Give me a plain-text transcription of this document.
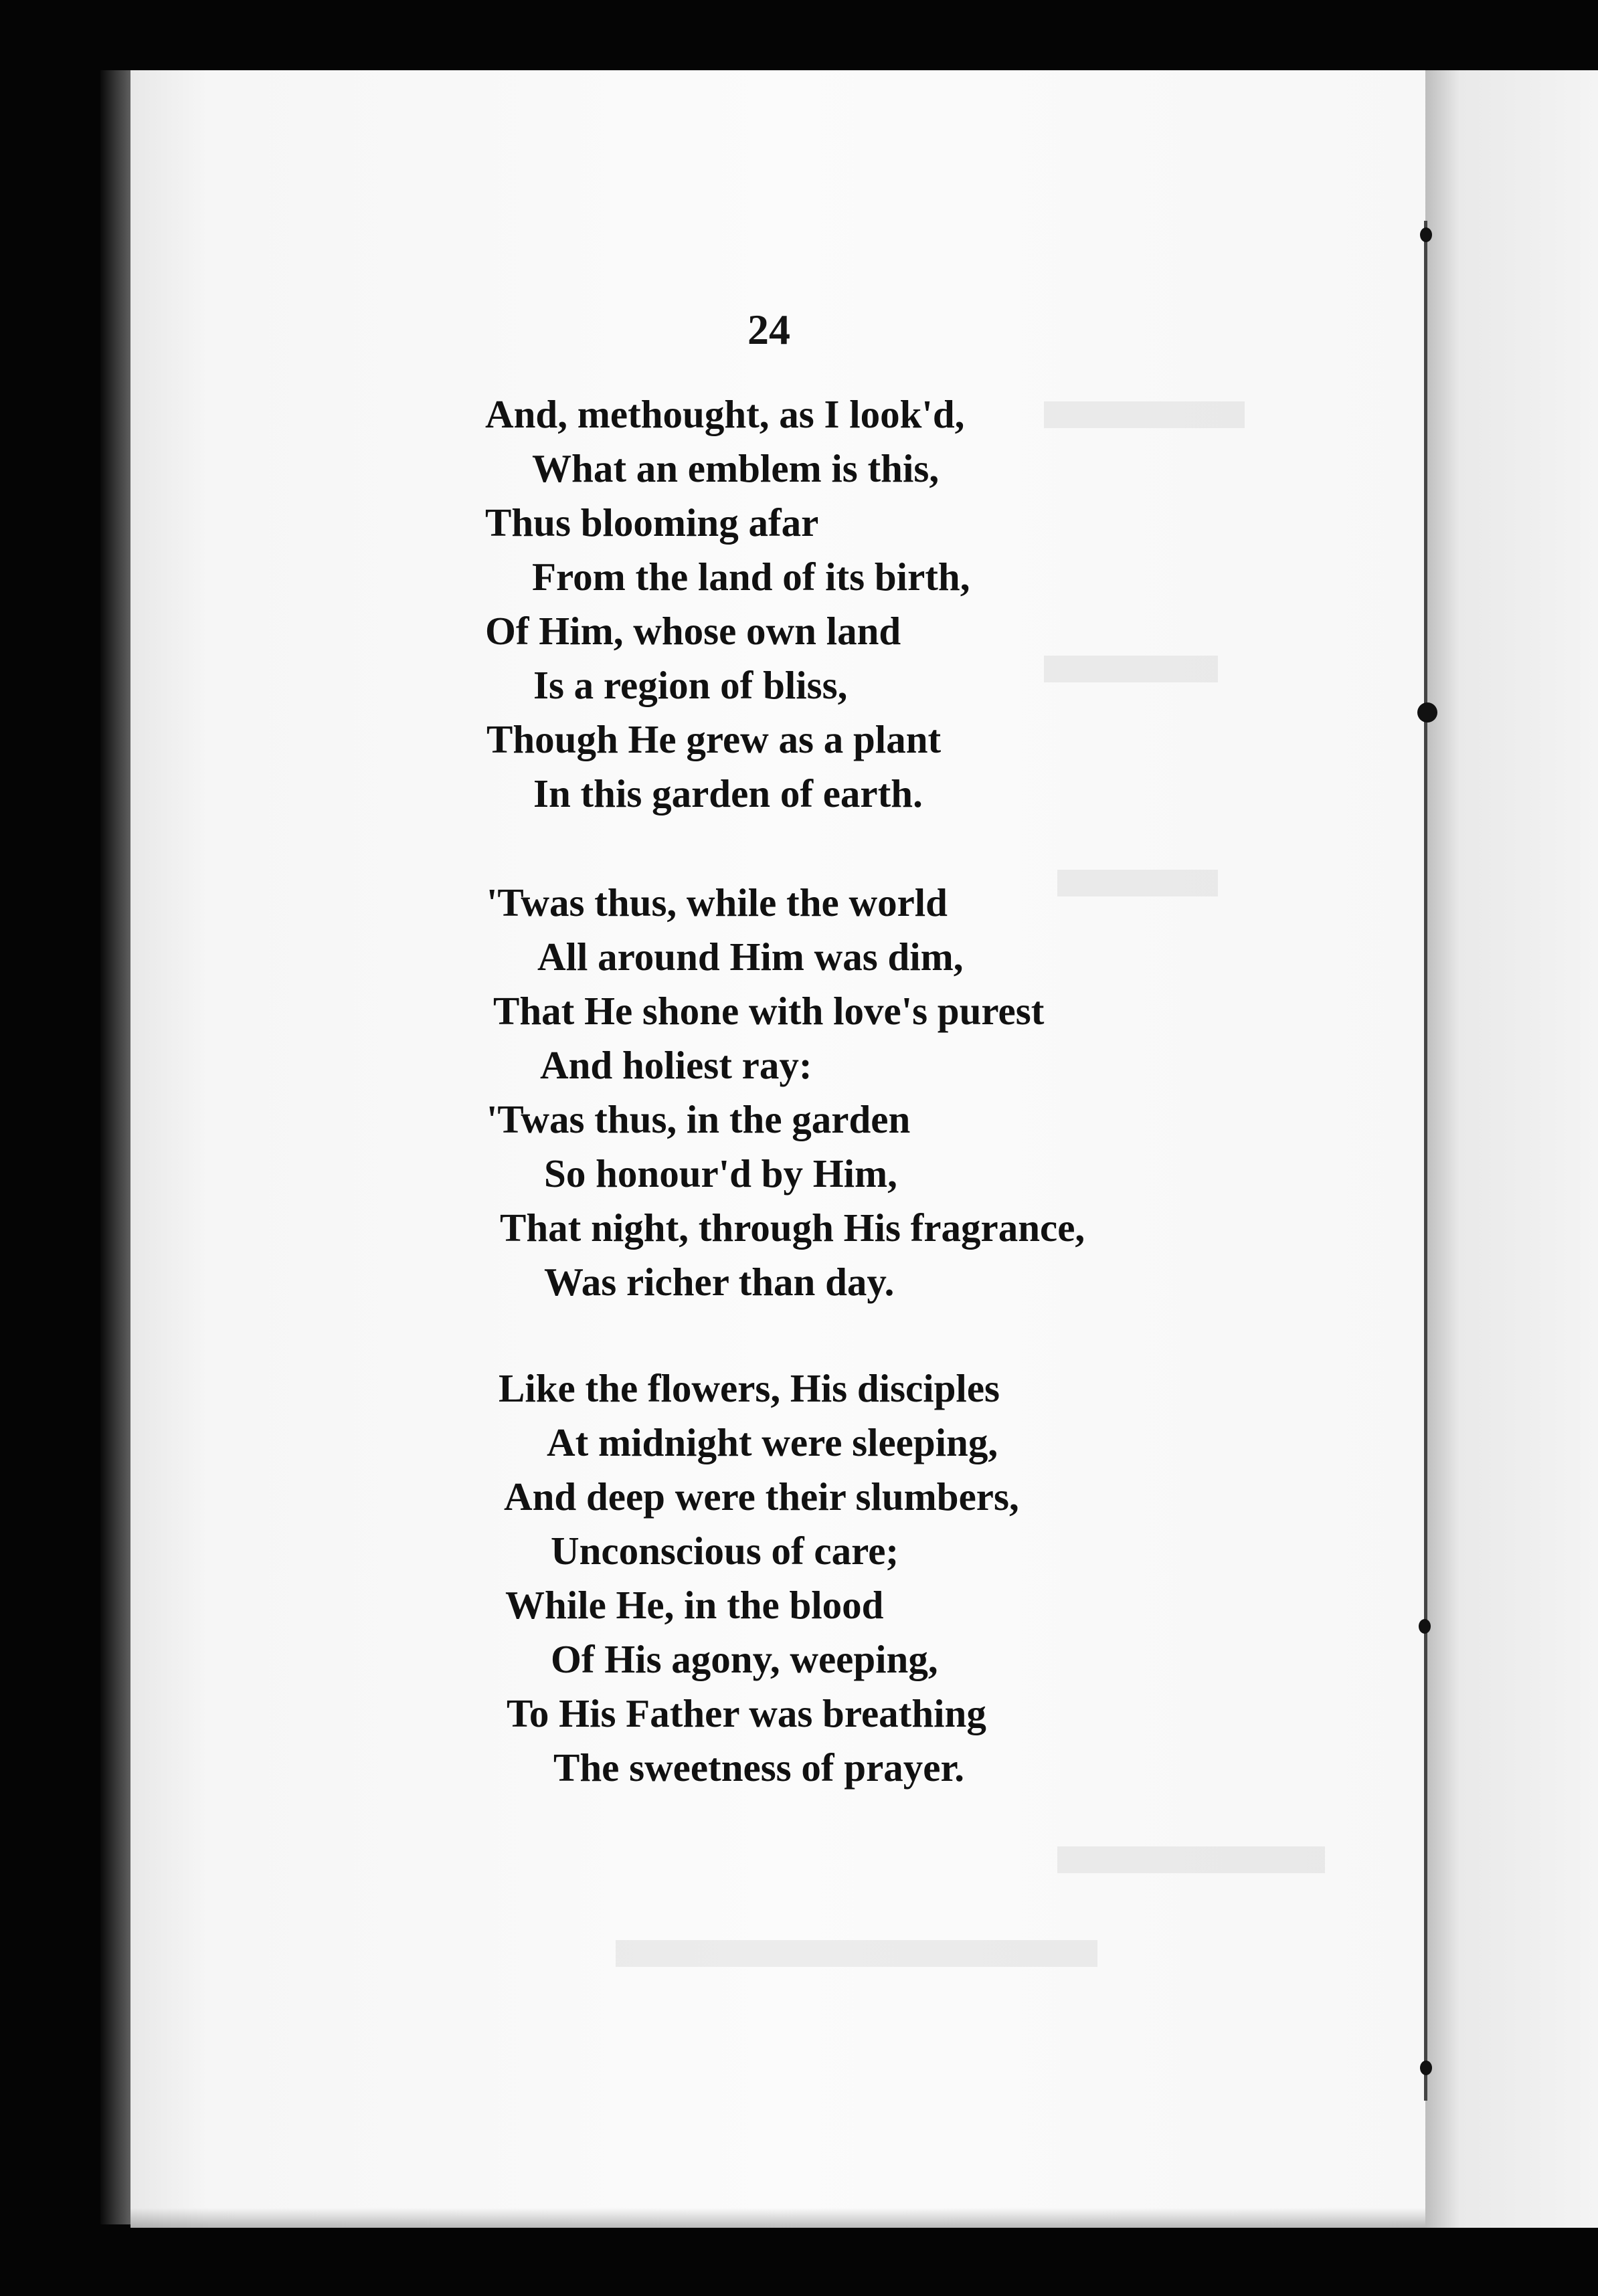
24
And, methought, as I look'd,
What an emblem is this,
Thus blooming afar
From the land of its birth,
Of Him, whose own land
Is a region of bliss,
Though He grew as a plant
In this garden of earth.
'Twas thus, while the world
All around Him was dim,
That He shone with love's purest
And holiest ray:
'Twas thus, in the garden
So honour'd by Him,
That night, through His fragrance,
Was richer than day.
Like the flowers, His disciples
At midnight were sleeping,
And deep were their slumbers,
Unconscious of care;
While He, in the blood
Of His agony, weeping,
To His Father was breathing
The sweetness of prayer.
